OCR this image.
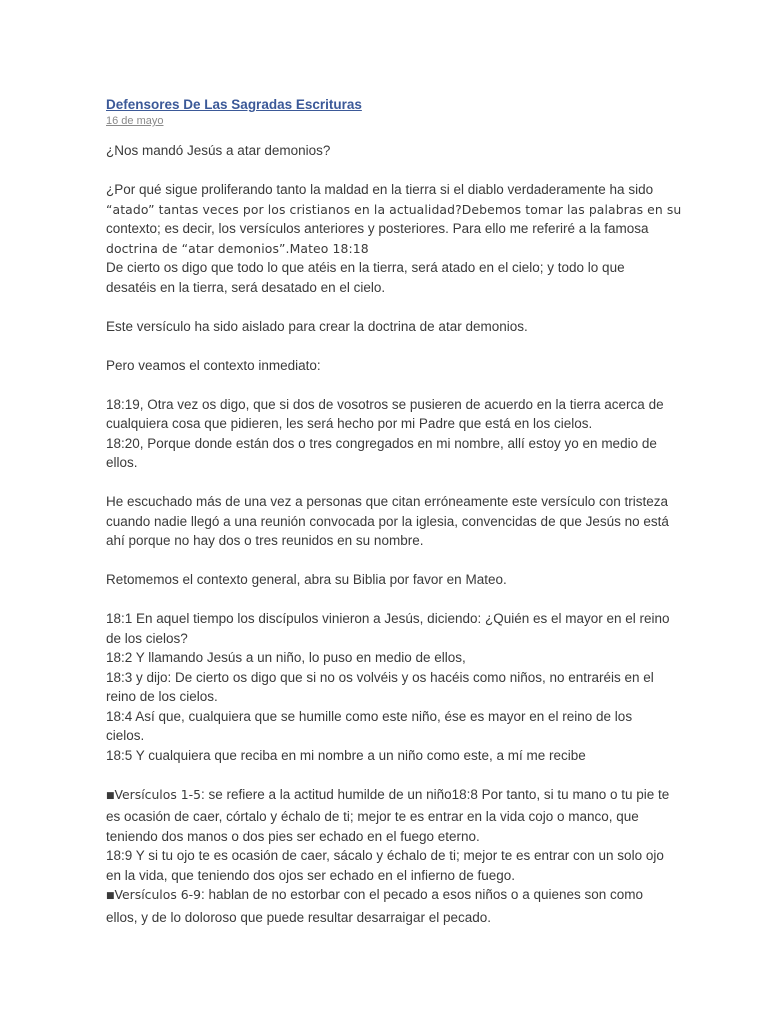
Defensores De Las Sagradas Escrituras
16 de mayo

¿Nos mandó Jesús a atar demonios?

¿Por qué sigue proliferando tanto la maldad en la tierra si el diablo verdaderamente ha sido
“atado” tantas veces por los cristianos en la actualidad?Debemos tomar las palabras en su
contexto; es decir, los versículos anteriores y posteriores. Para ello me referiré a la famosa
doctrina de “atar demonios”.Mateo 18:18
De cierto os digo que todo lo que atéis en la tierra, será atado en el cielo; y todo lo que
desatéis en la tierra, será desatado en el cielo.

Este versículo ha sido aislado para crear la doctrina de atar demonios.

Pero veamos el contexto inmediato:

18:19, Otra vez os digo, que si dos de vosotros se pusieren de acuerdo en la tierra acerca de
cualquiera cosa que pidieren, les será hecho por mi Padre que está en los cielos.
18:20, Porque donde están dos o tres congregados en mi nombre, allí estoy yo en medio de
ellos.

He escuchado más de una vez a personas que citan erróneamente este versículo con tristeza
cuando nadie llegó a una reunión convocada por la iglesia, convencidas de que Jesús no está
ahí porque no hay dos o tres reunidos en su nombre.

Retomemos el contexto general, abra su Biblia por favor en Mateo.

18:1 En aquel tiempo los discípulos vinieron a Jesús, diciendo: ¿Quién es el mayor en el reino
de los cielos?
18:2 Y llamando Jesús a un niño, lo puso en medio de ellos,
18:3 y dijo: De cierto os digo que si no os volvéis y os hacéis como niños, no entraréis en el
reino de los cielos.
18:4 Así que, cualquiera que se humille como este niño, ése es mayor en el reino de los
cielos.
18:5 Y cualquiera que reciba en mi nombre a un niño como este, a mí me recibe

■Versículos 1-5: se refiere a la actitud humilde de un niño18:8 Por tanto, si tu mano o tu pie te
es ocasión de caer, córtalo y échalo de ti; mejor te es entrar en la vida cojo o manco, que
teniendo dos manos o dos pies ser echado en el fuego eterno.
18:9 Y si tu ojo te es ocasión de caer, sácalo y échalo de ti; mejor te es entrar con un solo ojo
en la vida, que teniendo dos ojos ser echado en el infierno de fuego.
■Versículos 6-9: hablan de no estorbar con el pecado a esos niños o a quienes son como
ellos, y de lo doloroso que puede resultar desarraigar el pecado.
